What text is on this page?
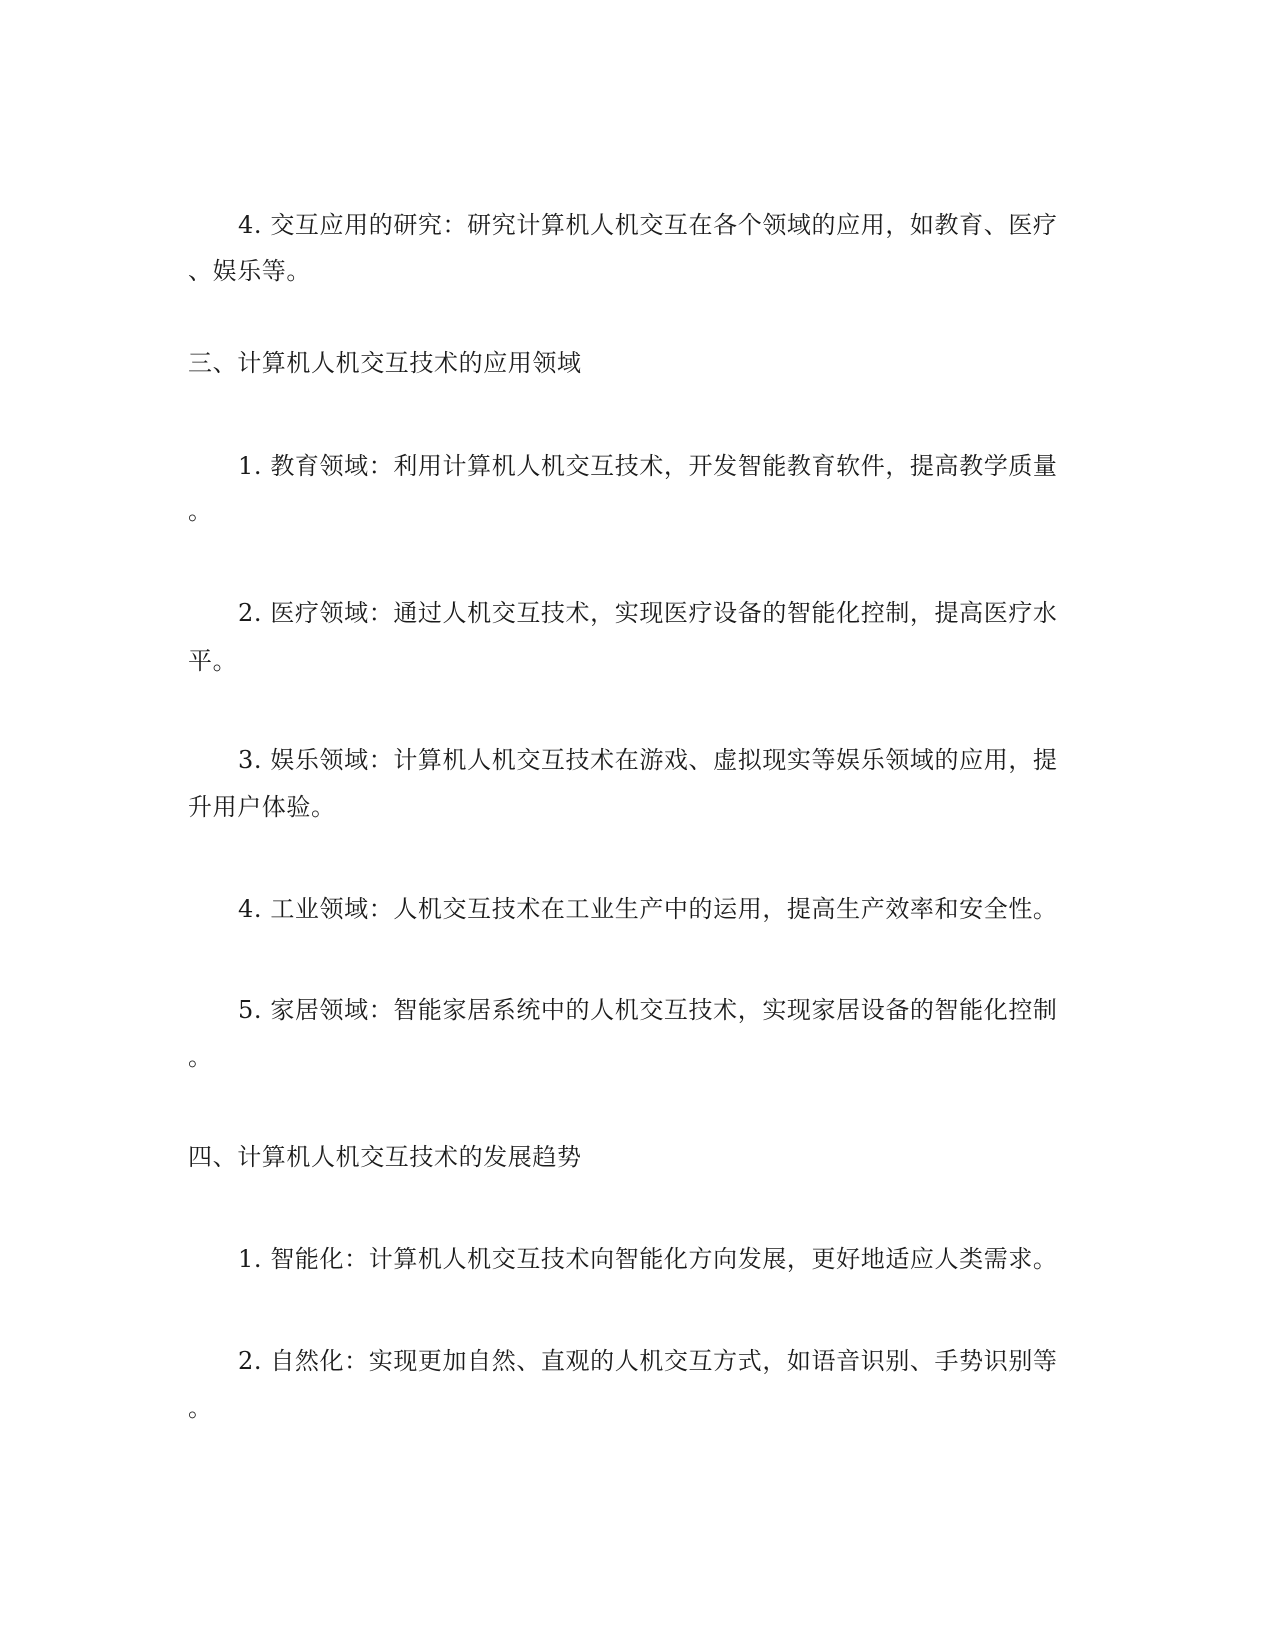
4. 交互应用的研究：研究计算机人机交互在各个领域的应用，如教育、医疗
、娱乐等。
三、计算机人机交互技术的应用领域
1. 教育领域：利用计算机人机交互技术，开发智能教育软件，提高教学质量
。
2. 医疗领域：通过人机交互技术，实现医疗设备的智能化控制，提高医疗水
平。
3. 娱乐领域：计算机人机交互技术在游戏、虚拟现实等娱乐领域的应用，提
升用户体验。
4. 工业领域：人机交互技术在工业生产中的运用，提高生产效率和安全性。
5. 家居领域：智能家居系统中的人机交互技术，实现家居设备的智能化控制
。
四、计算机人机交互技术的发展趋势
1. 智能化：计算机人机交互技术向智能化方向发展，更好地适应人类需求。
2. 自然化：实现更加自然、直观的人机交互方式，如语音识别、手势识别等
。
